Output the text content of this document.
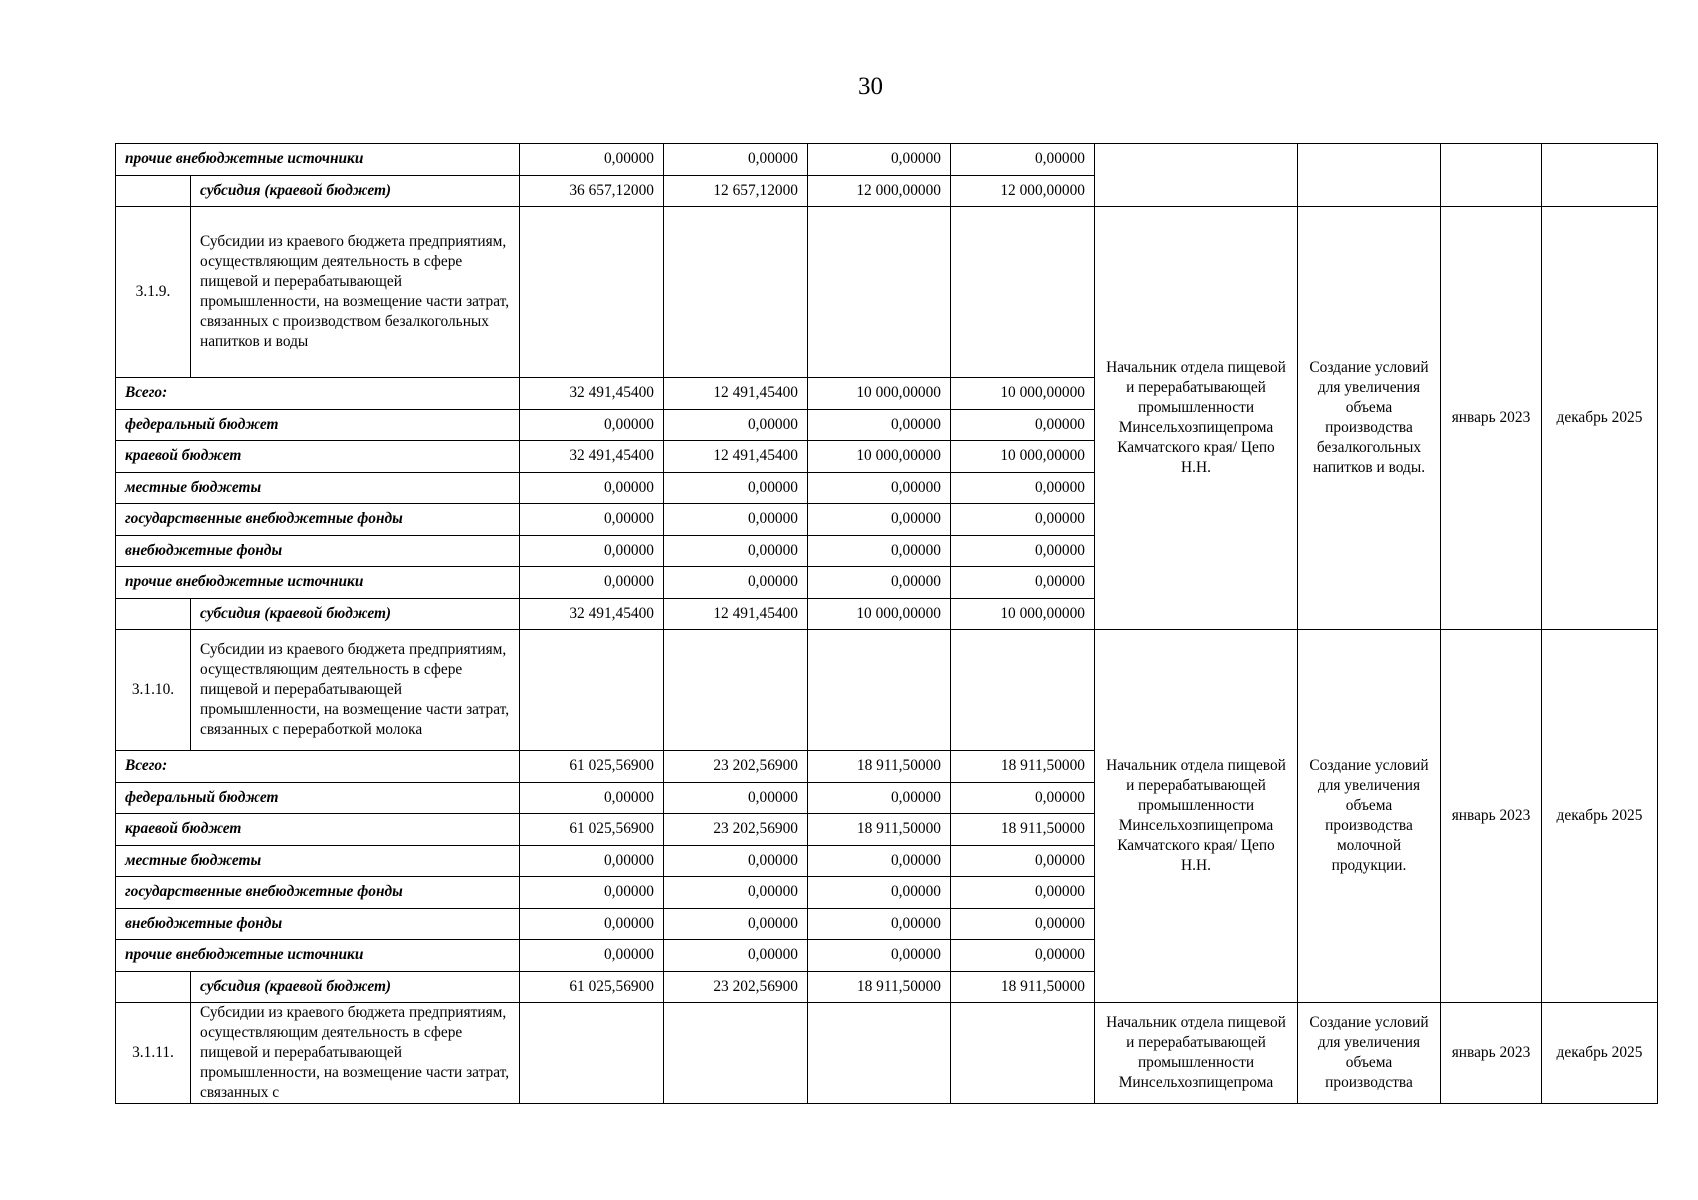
30
прочие внебюджетные источники		0,00000	0,00000	0,00000	0,00000				
	субсидия (краевой бюджет)	36 657,12000	12 657,12000	12 000,00000	12 000,00000				
3.1.9.	Субсидии из краевого бюджета предприятиям, осуществляющим деятельность в сфере пищевой и перерабатывающей промышленности, на возмещение части затрат, связанных с производством безалкогольных напитков и воды					Начальник отдела пищевой и перерабатывающей промышленности Минсельхозпищепрома Камчатского края/ Цепо Н.Н.	Создание условий для увеличения объема производства безалкогольных напитков и воды.	январь 2023	декабрь 2025
Всего:		32 491,45400	12 491,45400	10 000,00000	10 000,00000				
федеральный бюджет		0,00000	0,00000	0,00000	0,00000				
краевой бюджет		32 491,45400	12 491,45400	10 000,00000	10 000,00000				
местные бюджеты		0,00000	0,00000	0,00000	0,00000				
государственные внебюджетные фонды		0,00000	0,00000	0,00000	0,00000				
внебюджетные фонды		0,00000	0,00000	0,00000	0,00000				
прочие внебюджетные источники		0,00000	0,00000	0,00000	0,00000				
	субсидия (краевой бюджет)	32 491,45400	12 491,45400	10 000,00000	10 000,00000				
3.1.10.	Субсидии из краевого бюджета предприятиям, осуществляющим деятельность в сфере пищевой и перерабатывающей промышленности, на возмещение части затрат, связанных с переработкой молока					Начальник отдела пищевой и перерабатывающей промышленности Минсельхозпищепрома Камчатского края/ Цепо Н.Н.	Создание условий для увеличения объема производства молочной продукции.	январь 2023	декабрь 2025
Всего:		61 025,56900	23 202,56900	18 911,50000	18 911,50000				
федеральный бюджет		0,00000	0,00000	0,00000	0,00000				
краевой бюджет		61 025,56900	23 202,56900	18 911,50000	18 911,50000				
местные бюджеты		0,00000	0,00000	0,00000	0,00000				
государственные внебюджетные фонды		0,00000	0,00000	0,00000	0,00000				
внебюджетные фонды		0,00000	0,00000	0,00000	0,00000				
прочие внебюджетные источники		0,00000	0,00000	0,00000	0,00000				
	субсидия (краевой бюджет)	61 025,56900	23 202,56900	18 911,50000	18 911,50000				
3.1.11.	Субсидии из краевого бюджета предприятиям, осуществляющим деятельность в сфере пищевой и перерабатывающей промышленности, на возмещение части затрат, связанных с					Начальник отдела пищевой и перерабатывающей промышленности Минсельхозпищепрома	Создание условий для увеличения объема производства	январь 2023	декабрь 2025
